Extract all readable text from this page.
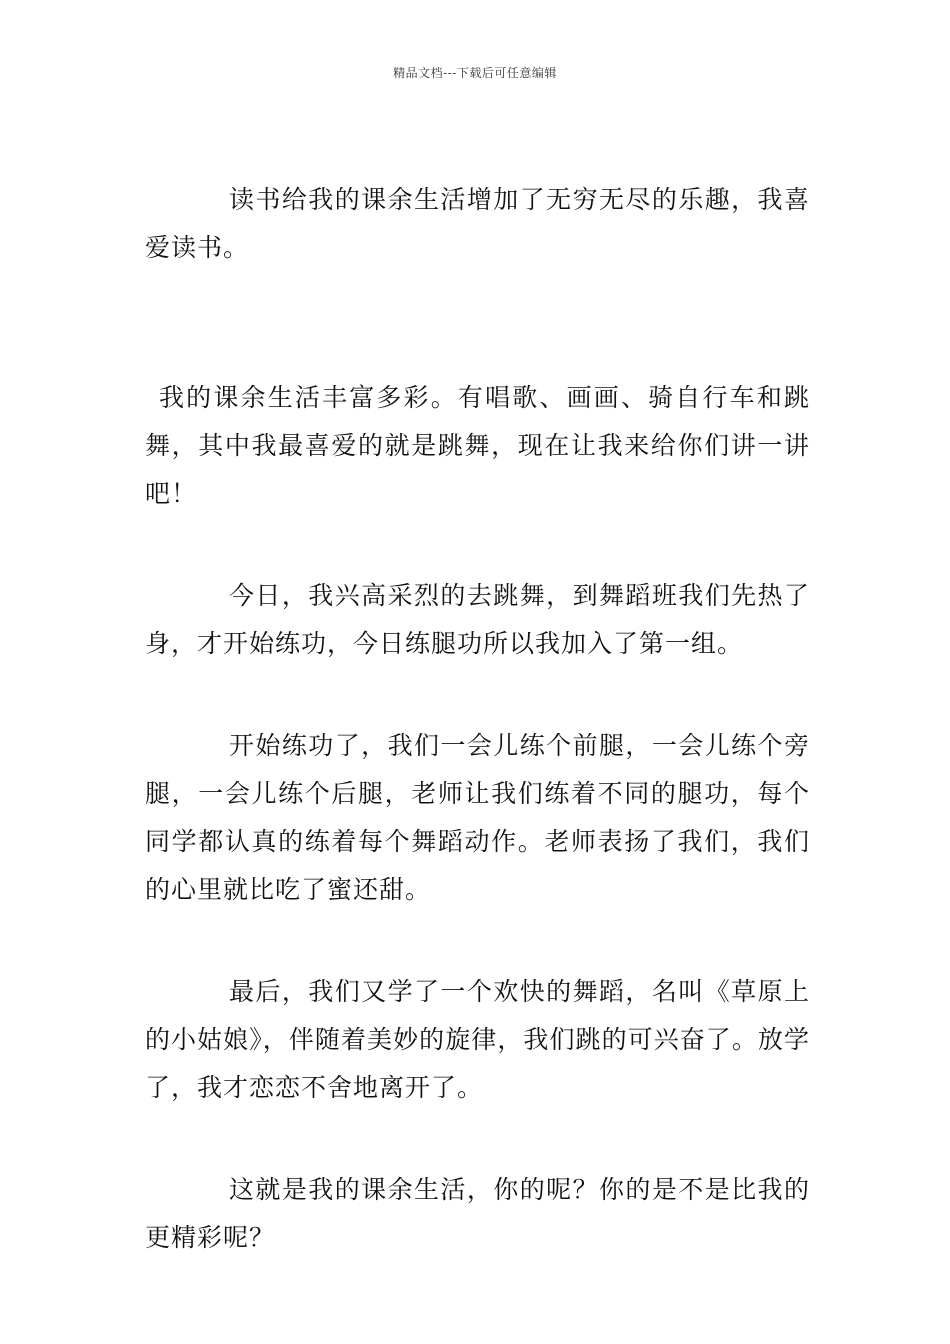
精品文档---下载后可任意编辑

读书给我的课余生活增加了无穷无尽的乐趣，我喜爱读书。

我的课余生活丰富多彩。有唱歌、画画、骑自行车和跳舞，其中我最喜爱的就是跳舞，现在让我来给你们讲一讲吧！

今日，我兴高采烈的去跳舞，到舞蹈班我们先热了身，才开始练功，今日练腿功所以我加入了第一组。

开始练功了，我们一会儿练个前腿，一会儿练个旁腿，一会儿练个后腿，老师让我们练着不同的腿功，每个同学都认真的练着每个舞蹈动作。老师表扬了我们，我们的心里就比吃了蜜还甜。

最后，我们又学了一个欢快的舞蹈，名叫《草原上的小姑娘》，伴随着美妙的旋律，我们跳的可兴奋了。放学了，我才恋恋不舍地离开了。

这就是我的课余生活，你的呢？你的是不是比我的更精彩呢？
